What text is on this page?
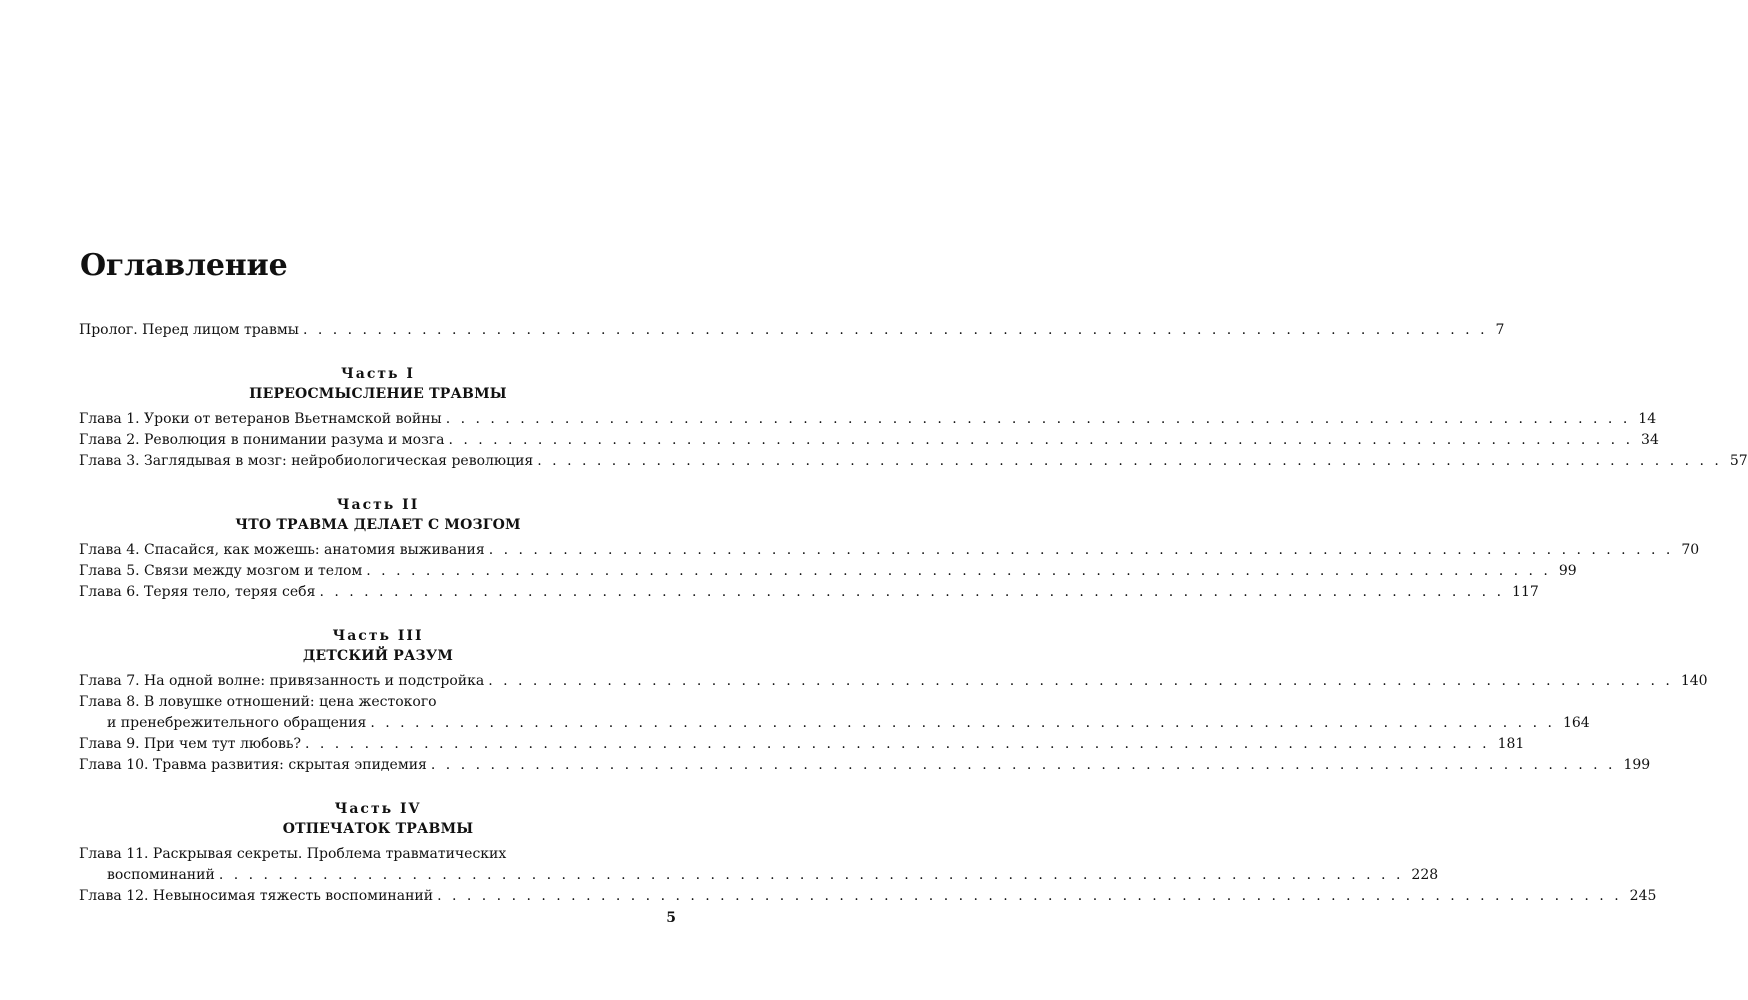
Оглавление
Пролог. Перед лицом травмы . . . . . . . . . . . . . . . . . . . . . . . . . . . . . . . . . . . . . . . . . . . . . . . . . . . . . . . . . . . . . . . . . . . . . . . . . . . . . . . . 7
Часть I
ПЕРЕОСМЫСЛЕНИЕ ТРАВМЫ
Глава 1. Уроки от ветеранов Вьетнамской войны . . . . . . . . . . . . . . . . . . . . . . . . . . . . . . . . . . . . . . . . . . . . . . . . . . . . . . . . . . . . . . . . . . . . . . . . . . . . . . . . 14
Глава 2. Революция в понимании разума и мозга . . . . . . . . . . . . . . . . . . . . . . . . . . . . . . . . . . . . . . . . . . . . . . . . . . . . . . . . . . . . . . . . . . . . . . . . . . . . . . . . 34
Глава 3. Заглядывая в мозг: нейробиологическая революция . . . . . . . . . . . . . . . . . . . . . . . . . . . . . . . . . . . . . . . . . . . . . . . . . . . . . . . . . . . . . . . . . . . . . . . . . . . . . . . . 57
Часть II
ЧТО ТРАВМА ДЕЛАЕТ С МОЗГОМ
Глава 4. Спасайся, как можешь: анатомия выживания . . . . . . . . . . . . . . . . . . . . . . . . . . . . . . . . . . . . . . . . . . . . . . . . . . . . . . . . . . . . . . . . . . . . . . . . . . . . . . . . 70
Глава 5. Связи между мозгом и телом . . . . . . . . . . . . . . . . . . . . . . . . . . . . . . . . . . . . . . . . . . . . . . . . . . . . . . . . . . . . . . . . . . . . . . . . . . . . . . . . 99
Глава 6. Теряя тело, теряя себя . . . . . . . . . . . . . . . . . . . . . . . . . . . . . . . . . . . . . . . . . . . . . . . . . . . . . . . . . . . . . . . . . . . . . . . . . . . . . . . . 117
Часть III
ДЕТСКИЙ РАЗУМ
Глава 7. На одной волне: привязанность и подстройка . . . . . . . . . . . . . . . . . . . . . . . . . . . . . . . . . . . . . . . . . . . . . . . . . . . . . . . . . . . . . . . . . . . . . . . . . . . . . . . . 140
Глава 8. В ловушке отношений: цена жестокого
и пренебрежительного обращения . . . . . . . . . . . . . . . . . . . . . . . . . . . . . . . . . . . . . . . . . . . . . . . . . . . . . . . . . . . . . . . . . . . . . . . . . . . . . . . . 164
Глава 9. При чем тут любовь? . . . . . . . . . . . . . . . . . . . . . . . . . . . . . . . . . . . . . . . . . . . . . . . . . . . . . . . . . . . . . . . . . . . . . . . . . . . . . . . . 181
Глава 10. Травма развития: скрытая эпидемия . . . . . . . . . . . . . . . . . . . . . . . . . . . . . . . . . . . . . . . . . . . . . . . . . . . . . . . . . . . . . . . . . . . . . . . . . . . . . . . . 199
Часть IV
ОТПЕЧАТОК ТРАВМЫ
Глава 11. Раскрывая секреты. Проблема травматических
воспоминаний . . . . . . . . . . . . . . . . . . . . . . . . . . . . . . . . . . . . . . . . . . . . . . . . . . . . . . . . . . . . . . . . . . . . . . . . . . . . . . . . 228
Глава 12. Невыносимая тяжесть воспоминаний . . . . . . . . . . . . . . . . . . . . . . . . . . . . . . . . . . . . . . . . . . . . . . . . . . . . . . . . . . . . . . . . . . . . . . . . . . . . . . . . 245
5
